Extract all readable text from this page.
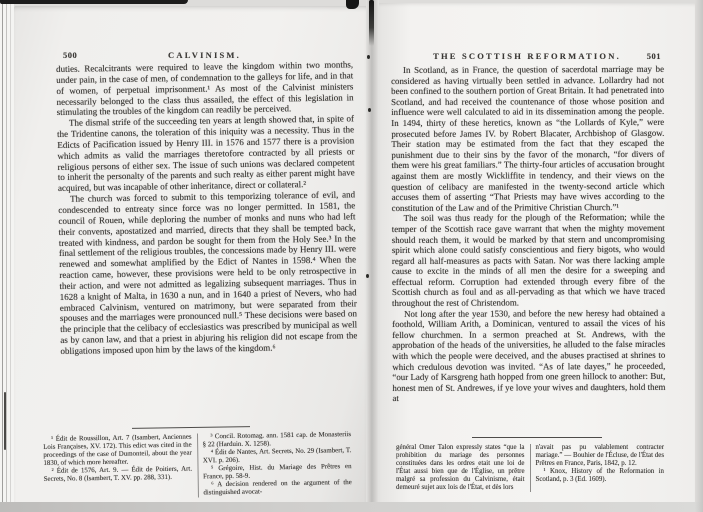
500	CALVINISM.

duties. Recalcitrants were required to leave the kingdom within two months, under pain, in the case of men, of condemnation to the galleys for life, and in that of women, of perpetual imprisonment.¹ As most of the Calvinist ministers necessarily belonged to the class thus assailed, the effect of this legislation in stimulating the troubles of the kingdom can readily be perceived.

The dismal strife of the succeeding ten years at length showed that, in spite of the Tridentine canons, the toleration of this iniquity was a necessity. Thus in the Edicts of Pacification issued by Henry III. in 1576 and 1577 there is a provision which admits as valid the marriages theretofore contracted by all priests or religious persons of either sex. The issue of such unions was declared competent to inherit the personalty of the parents and such realty as either parent might have acquired, but was incapable of other inheritance, direct or collateral.²

The church was forced to submit to this temporizing tolerance of evil, and condescended to entreaty since force was no longer permitted. In 1581, the council of Rouen, while deploring the number of monks and nuns who had left their convents, apostatized and married, directs that they shall be tempted back, treated with kindness, and pardon be sought for them from the Holy See.³ In the final settlement of the religious troubles, the concessions made by Henry III. were renewed and somewhat amplified by the Edict of Nantes in 1598.⁴ When the reaction came, however, these provisions were held to be only retrospective in their action, and were not admitted as legalizing subsequent marriages. Thus in 1628 a knight of Malta, in 1630 a nun, and in 1640 a priest of Nevers, who had embraced Calvinism, ventured on matrimony, but were separated from their spouses and the marriages were pronounced null.⁵ These decisions were based on the principle that the celibacy of ecclesiastics was prescribed by municipal as well as by canon law, and that a priest in abjuring his religion did not escape from the obligations imposed upon him by the laws of the kingdom.⁶

¹ Édit de Roussillon, Art. 7 (Isambert, Anciennes Lois Françaises, XV. 172). This edict was cited in the proceedings of the case of Dumonteil, about the year 1830, of which more hereafter.

² Édit de 1576, Art. 9. — Édit de Poitiers, Art. Secrets, No. 8 (Isambert, T. XV. pp. 288, 331).

³ Concil. Rotomag. ann. 1581 cap. de Monasteriis § 22 (Harduin. X. 1258).

⁴ Édit de Nantes, Art. Secrets, No. 29 (Isambert, T. XVI. p. 206).

⁵ Grégoire, Hist. du Mariage des Prêtres en France, pp. 58-9.

⁶ A decision rendered on the argument of the distinguished avocat-

THE SCOTTISH REFORMATION.	501

In Scotland, as in France, the question of sacerdotal marriage may be considered as having virtually been settled in advance. Lollardry had not been confined to the southern portion of Great Britain. It had penetrated into Scotland, and had received the countenance of those whose position and influence were well calculated to aid in its dissemination among the people. In 1494, thirty of these heretics, known as “the Lollards of Kyle,” were prosecuted before James IV. by Robert Blacater, Archbishop of Glasgow. Their station may be estimated from the fact that they escaped the punishment due to their sins by the favor of the monarch, “for divers of them were his great familiars.” The thirty-four articles of accusation brought against them are mostly Wickliffite in tendency, and their views on the question of celibacy are manifested in the twenty-second article which accuses them of asserting “That Priests may have wives according to the constitution of the Law and of the Primitive Christian Church.”¹

The soil was thus ready for the plough of the Reformation; while the temper of the Scottish race gave warrant that when the mighty movement should reach them, it would be marked by that stern and uncompromising spirit which alone could satisfy conscientious and fiery bigots, who would regard all half-measures as pacts with Satan. Nor was there lacking ample cause to excite in the minds of all men the desire for a sweeping and effectual reform. Corruption had extended through every fibre of the Scottish church as foul and as all-pervading as that which we have traced throughout the rest of Christendom.

Not long after the year 1530, and before the new heresy had obtained a foothold, William Arith, a Dominican, ventured to assail the vices of his fellow churchmen. In a sermon preached at St. Andrews, with the approbation of the heads of the universities, he alluded to the false miracles with which the people were deceived, and the abuses practised at shrines to which credulous devotion was invited. “As of late dayes,” he proceeded, “our Lady of Karsgreng hath hopped from one green hillock to another: But, honest men of St. Andrewes, if ye love your wives and daughters, hold them at

général Omer Talon expressly states “que la prohibition du mariage des personnes constituées dans les ordres etait une loi de l'État aussi bien que de l'Église, un prêtre malgré sa profession du Calvinisme, était demeuré sujet aux lois de l'État, et dès lors

n'avait pas pu valablement contracter mariage.” — Bouhier de l'Écluse, de l'État des Prêtres en France, Paris, 1842, p. 12.

¹ Knox, History of the Reformation in Scotland, p. 3 (Ed. 1609).
